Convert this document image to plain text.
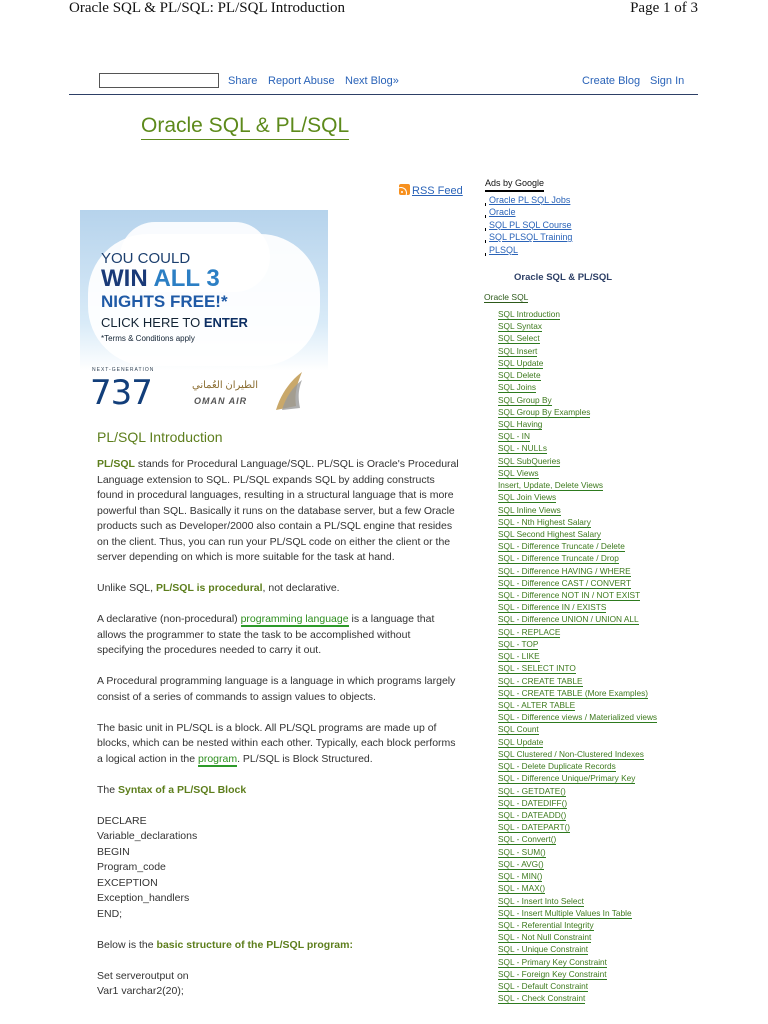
Oracle SQL & PL/SQL: PL/SQL Introduction	Page 1 of 3
Share Report Abuse Next Blog»	Create Blog Sign In
Oracle SQL & PL/SQL
RSS Feed
YOU COULD
WIN ALL 3
NIGHTS FREE!*
CLICK HERE TO ENTER
*Terms & Conditions apply
NEXT-GENERATION
737	الطيران العُماني
OMAN AIR
PL/SQL Introduction

PL/SQL stands for Procedural Language/SQL. PL/SQL is Oracle's Procedural Language extension to SQL. PL/SQL expands SQL by adding constructs found in procedural languages, resulting in a structural language that is more powerful than SQL. Basically it runs on the database server, but a few Oracle products such as Developer/2000 also contain a PL/SQL engine that resides on the client. Thus, you can run your PL/SQL code on either the client or the server depending on which is more suitable for the task at hand.

Unlike SQL, PL/SQL is procedural, not declarative.

A declarative (non-procedural) programming language is a language that allows the programmer to state the task to be accomplished without specifying the procedures needed to carry it out.

A Procedural programming language is a language in which programs largely consist of a series of commands to assign values to objects.

The basic unit in PL/SQL is a block. All PL/SQL programs are made up of blocks, which can be nested within each other. Typically, each block performs a logical action in the program. PL/SQL is Block Structured.

The Syntax of a PL/SQL Block

DECLARE
Variable_declarations
BEGIN
Program_code
EXCEPTION
Exception_handlers
END;

Below is the basic structure of the PL/SQL program:

Set serveroutput on
Var1 varchar2(20);
Ads by Google
Oracle PL SQL Jobs
Oracle
SQL PL SQL Course
SQL PLSQL Training
PLSQL
Oracle SQL & PL/SQL
Oracle SQL
SQL Introduction
SQL Syntax
SQL Select
SQL Insert
SQL Update
SQL Delete
SQL Joins
SQL Group By
SQL Group By Examples
SQL Having
SQL - IN
SQL - NULLs
SQL SubQueries
SQL Views
Insert, Update, Delete Views
SQL Join Views
SQL Inline Views
SQL - Nth Highest Salary
SQL Second Highest Salary
SQL - Difference Truncate / Delete
SQL - Difference Truncate / Drop
SQL - Difference HAVING / WHERE
SQL - Difference CAST / CONVERT
SQL - Difference NOT IN / NOT EXIST
SQL - Difference IN / EXISTS
SQL - Difference UNION / UNION ALL
SQL - REPLACE
SQL - TOP
SQL - LIKE
SQL - SELECT INTO
SQL - CREATE TABLE
SQL - CREATE TABLE (More Examples)
SQL - ALTER TABLE
SQL - Difference views / Materialized views
SQL Count
SQL Update
SQL Clustered / Non-Clustered Indexes
SQL - Delete Duplicate Records
SQL - Difference Unique/Primary Key
SQL - GETDATE()
SQL - DATEDIFF()
SQL - DATEADD()
SQL - DATEPART()
SQL - Convert()
SQL - SUM()
SQL - AVG()
SQL - MIN()
SQL - MAX()
SQL - Insert Into Select
SQL - Insert Multiple Values In Table
SQL - Referential Integrity
SQL - Not Null Constraint
SQL - Unique Constraint
SQL - Primary Key Constraint
SQL - Foreign Key Constraint
SQL - Default Constraint
SQL - Check Constraint
